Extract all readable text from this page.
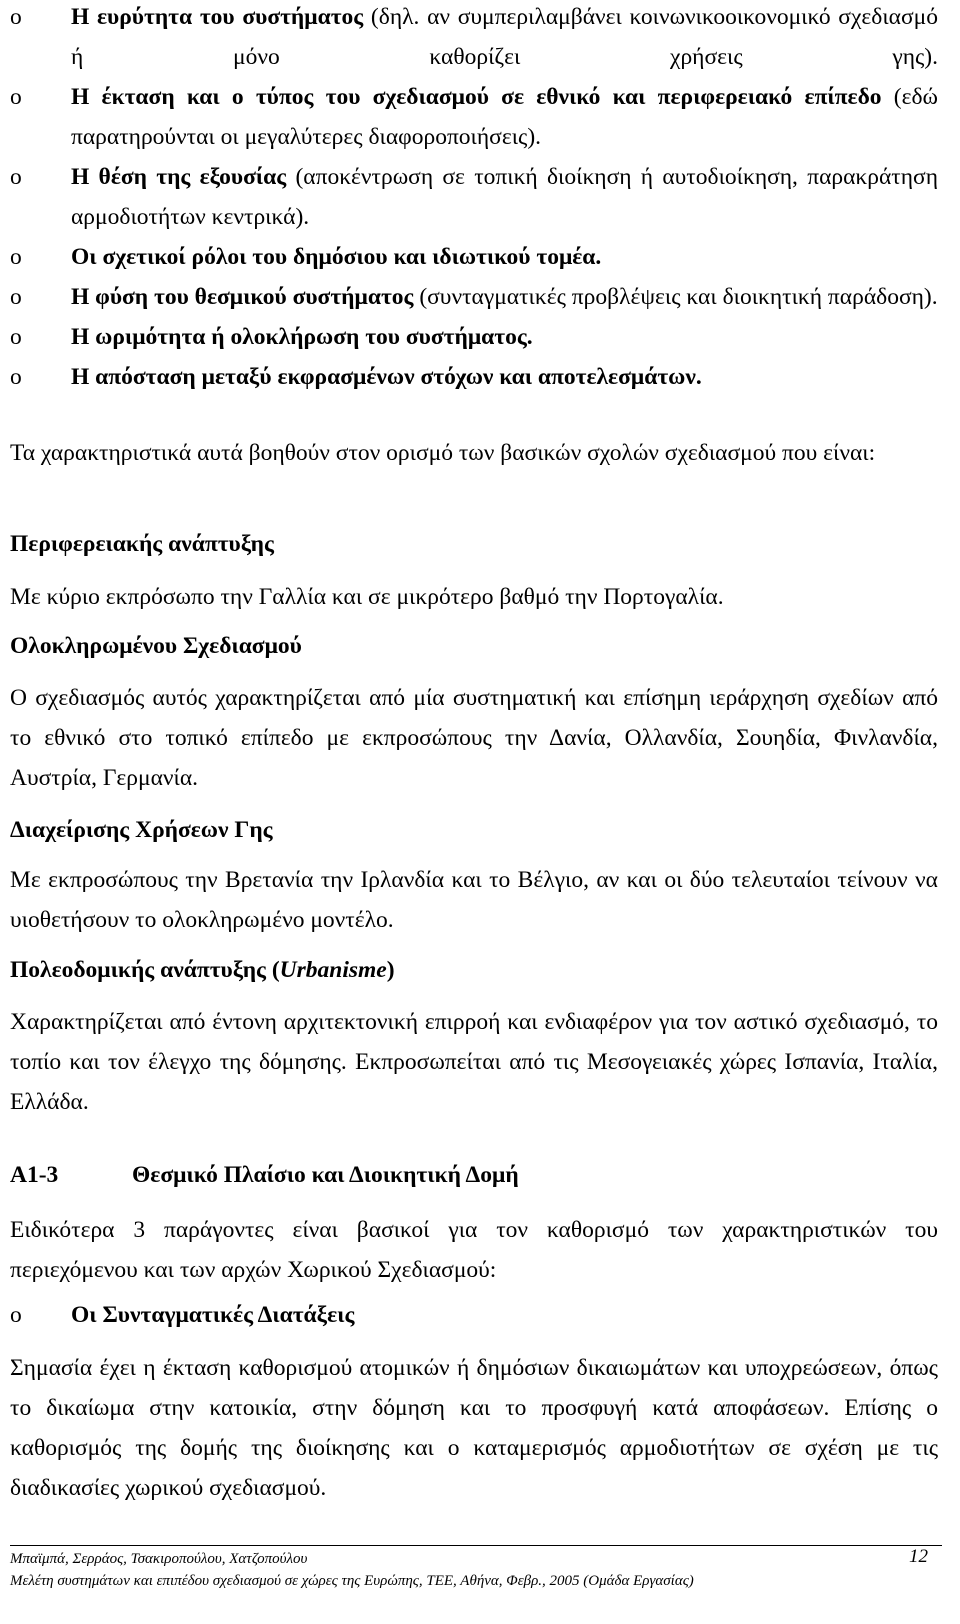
o Η ευρύτητα του συστήματος (δηλ. αν συμπεριλαμβάνει κοινωνικοοικονομικό σχεδιασμό ή μόνο καθορίζει χρήσεις γης).
o Η έκταση και ο τύπος του σχεδιασμού σε εθνικό και περιφερειακό επίπεδο (εδώ παρατηρούνται οι μεγαλύτερες διαφοροποιήσεις).
o Η θέση της εξουσίας (αποκέντρωση σε τοπική διοίκηση ή αυτοδιοίκηση, παρακράτηση αρμοδιοτήτων κεντρικά).
o Οι σχετικοί ρόλοι του δημόσιου και ιδιωτικού τομέα.
o Η φύση του θεσμικού συστήματος (συνταγματικές προβλέψεις και διοικητική παράδοση).
o Η ωριμότητα ή ολοκλήρωση του συστήματος.
o Η απόσταση μεταξύ εκφρασμένων στόχων και αποτελεσμάτων.

Τα χαρακτηριστικά αυτά βοηθούν στον ορισμό των βασικών σχολών σχεδιασμού που είναι:

Περιφερειακής ανάπτυξης

Με κύριο εκπρόσωπο την Γαλλία και σε μικρότερο βαθμό την Πορτογαλία.

Ολοκληρωμένου Σχεδιασμού

Ο σχεδιασμός αυτός χαρακτηρίζεται από μία συστηματική και επίσημη ιεράρχηση σχεδίων από το εθνικό στο τοπικό επίπεδο με εκπροσώπους την Δανία, Ολλανδία, Σουηδία, Φινλανδία, Αυστρία, Γερμανία.

Διαχείρισης Χρήσεων Γης

Με εκπροσώπους την Βρετανία την Ιρλανδία και το Βέλγιο, αν και οι δύο τελευταίοι τείνουν να υιοθετήσουν το ολοκληρωμένο μοντέλο.

Πολεοδομικής ανάπτυξης (Urbanisme)

Χαρακτηρίζεται από έντονη αρχιτεκτονική επιρροή και ενδιαφέρον για τον αστικό σχεδιασμό, το τοπίο και τον έλεγχο της δόμησης. Εκπροσωπείται από τις Μεσογειακές χώρες Ισπανία, Ιταλία, Ελλάδα.

Α1-3	Θεσμικό Πλαίσιο και Διοικητική Δομή

Ειδικότερα 3 παράγοντες είναι βασικοί για τον καθορισμό των χαρακτηριστικών του περιεχόμενου και των αρχών Χωρικού Σχεδιασμού:

o Οι Συνταγματικές Διατάξεις

Σημασία έχει η έκταση καθορισμού ατομικών ή δημόσιων δικαιωμάτων και υποχρεώσεων, όπως το δικαίωμα στην κατοικία, στην δόμηση και το προσφυγή κατά αποφάσεων. Επίσης ο καθορισμός της δομής της διοίκησης και ο καταμερισμός αρμοδιοτήτων σε σχέση με τις διαδικασίες χωρικού σχεδιασμού.

Μπαϊμπά, Σερράος, Τσακιροπούλου, Χατζοπούλου
Μελέτη συστημάτων και επιπέδου σχεδιασμού σε χώρες της Ευρώπης, ΤΕΕ, Αθήνα, Φεβρ., 2005 (Ομάδα Εργασίας)
12
